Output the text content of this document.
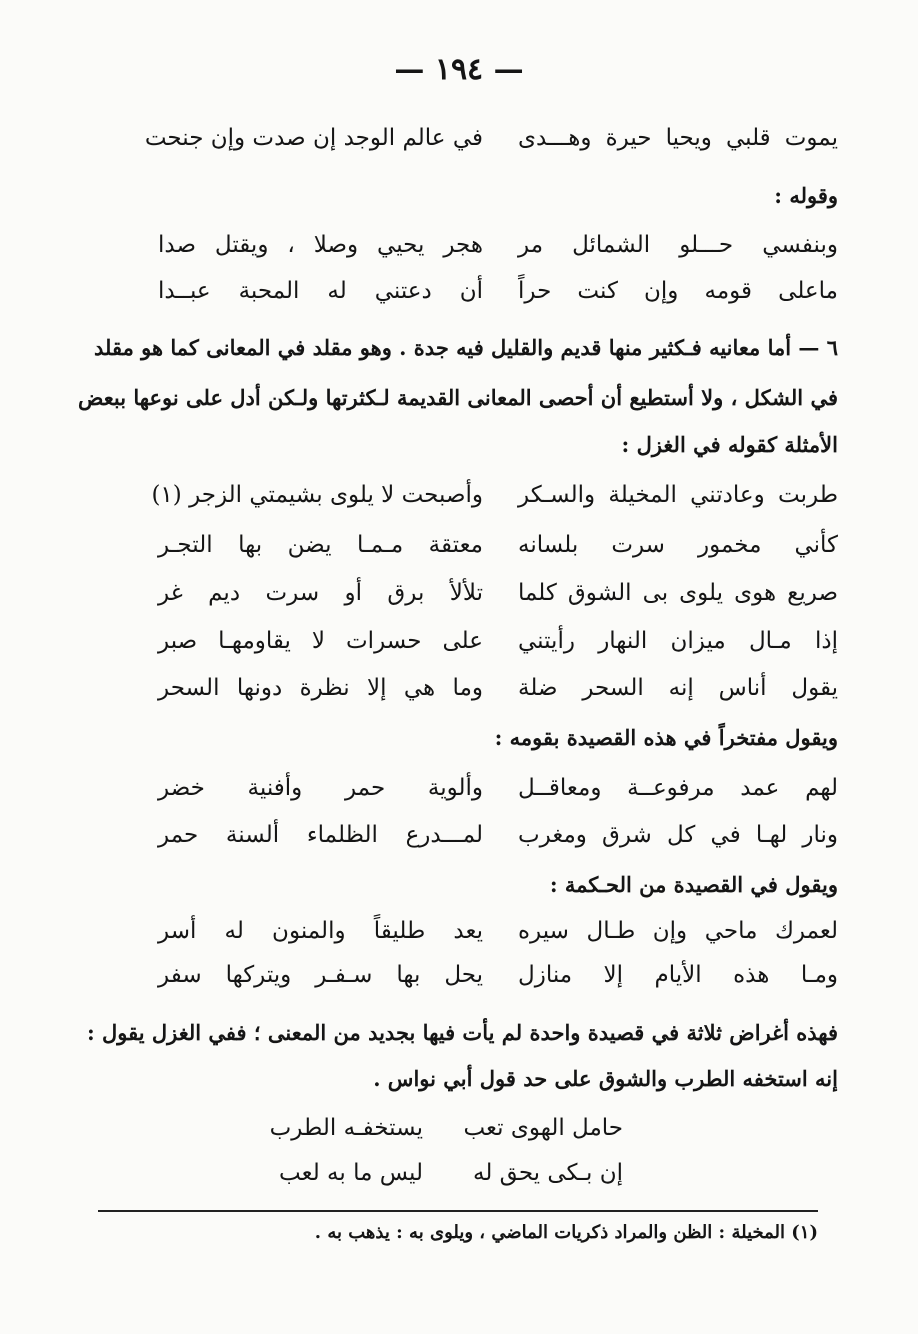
— ١٩٤ —
يموت قلبي ويحيا حيرة وهـــدى
في عالم الوجد إن صدت وإن جنحت
وقوله :
وبنفسي حـــلو الشمائل مر
هجر يحيي وصلا ، ويقتل صدا
ماعلى قومه وإن كنت حراً
أن دعتني له المحبة عبــدا
٦ — أما معانيه فـكثير منها قديم والقليل فيه جدة . وهو مقلد في المعانى كما هو مقلد
في الشكل ، ولا أستطيع أن أحصى المعانى القديمة لـكثرتها ولـكن أدل على نوعها ببعض
الأمثلة كقوله في الغزل :
طربت وعادتني المخيلة والسـكر
وأصبحت لا يلوى بشيمتي الزجر (١)
كأني مخمور سرت بلسانه
معتقة مـمـا يضن بها التجـر
صريع هوى يلوى بى الشوق كلما
تلألأ برق أو سرت ديم غر
إذا مـال ميزان النهار رأيتني
على حسرات لا يقاومهـا صبر
يقول أناس إنه السحر ضلة
وما هي إلا نظرة دونها السحر
ويقول مفتخراً في هذه القصيدة بقومه :
لهم عمد مرفوعــة ومعاقــل
وألوية حمر وأفنية خضر
ونار لهـا في كل شرق ومغرب
لمـــدرع الظلماء ألسنة حمر
ويقول في القصيدة من الحـكمة :
لعمرك ماحي وإن طـال سيره
يعد طليقاً والمنون له أسر
ومـا هذه الأيام إلا منازل
يحل بها سـفـر ويتركها سفر
فهذه أغراض ثلاثة في قصيدة واحدة لم يأت فيها بجديد من المعنى ؛ ففي الغزل يقول :
إنه استخفه الطرب والشوق على حد قول أبي نواس .
حامل الهوى تعب
يستخفـه الطرب
إن بـكى يحق له
ليس ما به لعب
(١) المخيلة : الظن والمراد ذكريات الماضي ، ويلوى به : يذهب به .
